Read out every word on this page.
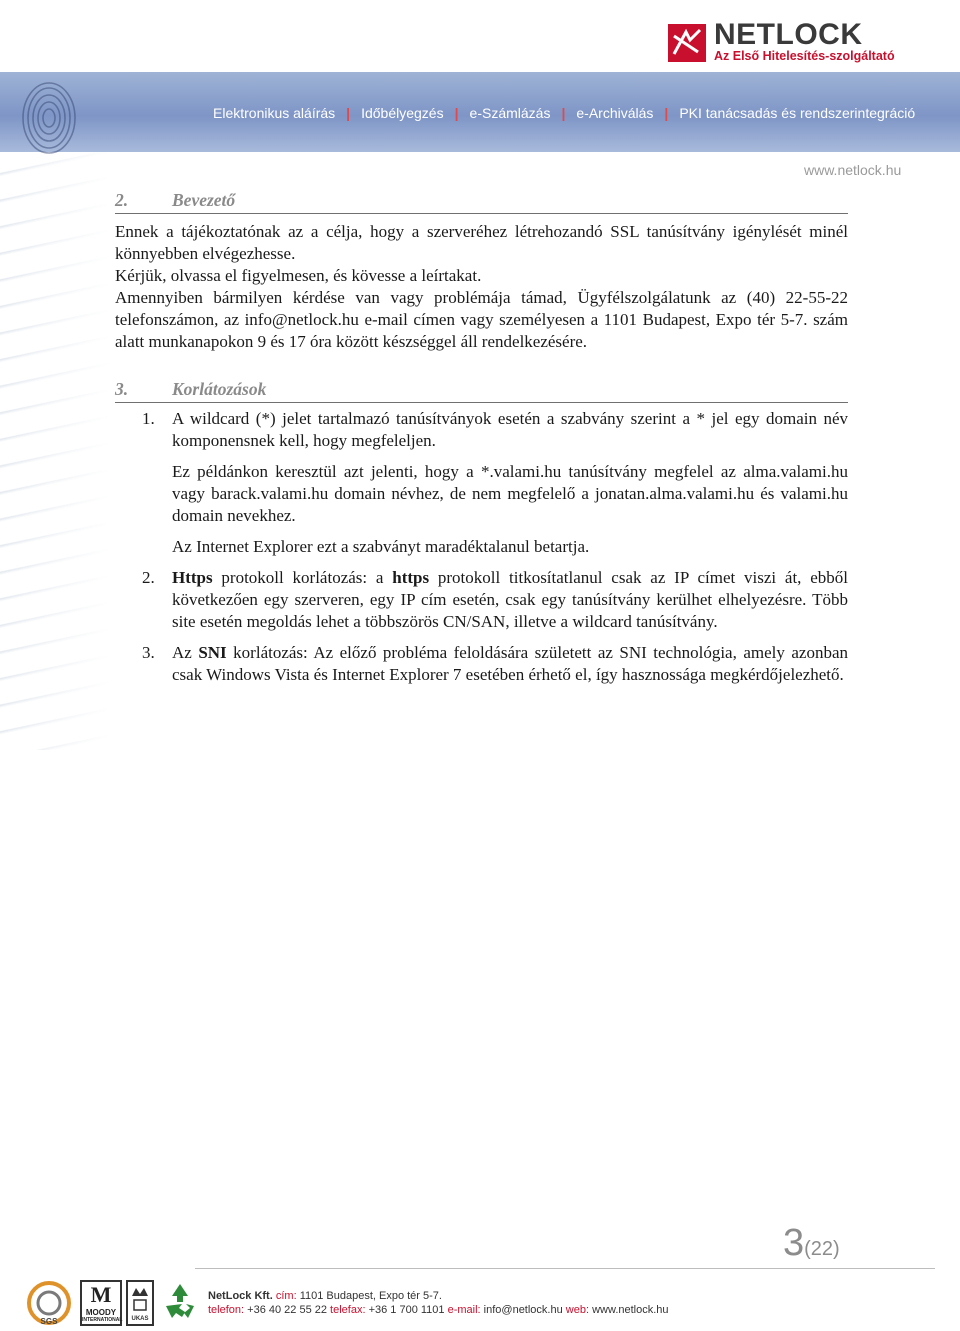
NETLOCK
Az Első Hitelesítés-szolgáltató
Elektronikus aláírás | Időbélyegzés | e-Számlázás | e-Archiválás | PKI tanácsadás és rendszerintegráció
www.netlock.hu
2.	Bevezető
Ennek a tájékoztatónak az a célja, hogy a szerveréhez létrehozandó SSL tanúsítvány igénylését minél könnyebben elvégezhesse.
Kérjük, olvassa el figyelmesen, és kövesse a leírtakat.
Amennyiben bármilyen kérdése van vagy problémája támad, Ügyfélszolgálatunk az (40) 22-55-22 telefonszámon, az info@netlock.hu e-mail címen vagy személyesen a 1101 Budapest, Expo tér 5-7. szám alatt munkanapokon 9 és 17 óra között készséggel áll rendelkezésére.
3.	Korlátozások
1.	A wildcard (*) jelet tartalmazó tanúsítványok esetén a szabvány szerint a * jel egy domain név komponensnek kell, hogy megfeleljen.
Ez példánkon keresztül azt jelenti, hogy a *.valami.hu tanúsítvány megfelel az alma.valami.hu vagy barack.valami.hu domain névhez, de nem megfelelő a jonatan.alma.valami.hu és valami.hu domain nevekhez.
Az Internet Explorer ezt a szabványt maradéktalanul betartja.
2.	Https protokoll korlátozás: a https protokoll titkosítatlanul csak az IP címet viszi át, ebből következően egy szerveren, egy IP cím esetén, csak egy tanúsítvány kerülhet elhelyezésre. Több site esetén megoldás lehet a többszörös CN/SAN, illetve a wildcard tanúsítvány.
3.	Az SNI korlátozás: Az előző probléma feloldására született az SNI technológia, amely azonban csak Windows Vista és Internet Explorer 7 esetében érhető el, így hasznossága megkérdőjelezhető.
3(22)
SGS
M
MOODY
INTERNATIONAL UKAS
NetLock Kft. cím: 1101 Budapest, Expo tér 5-7.
telefon: +36 40 22 55 22 telefax: +36 1 700 1101 e-mail: info@netlock.hu web: www.netlock.hu
